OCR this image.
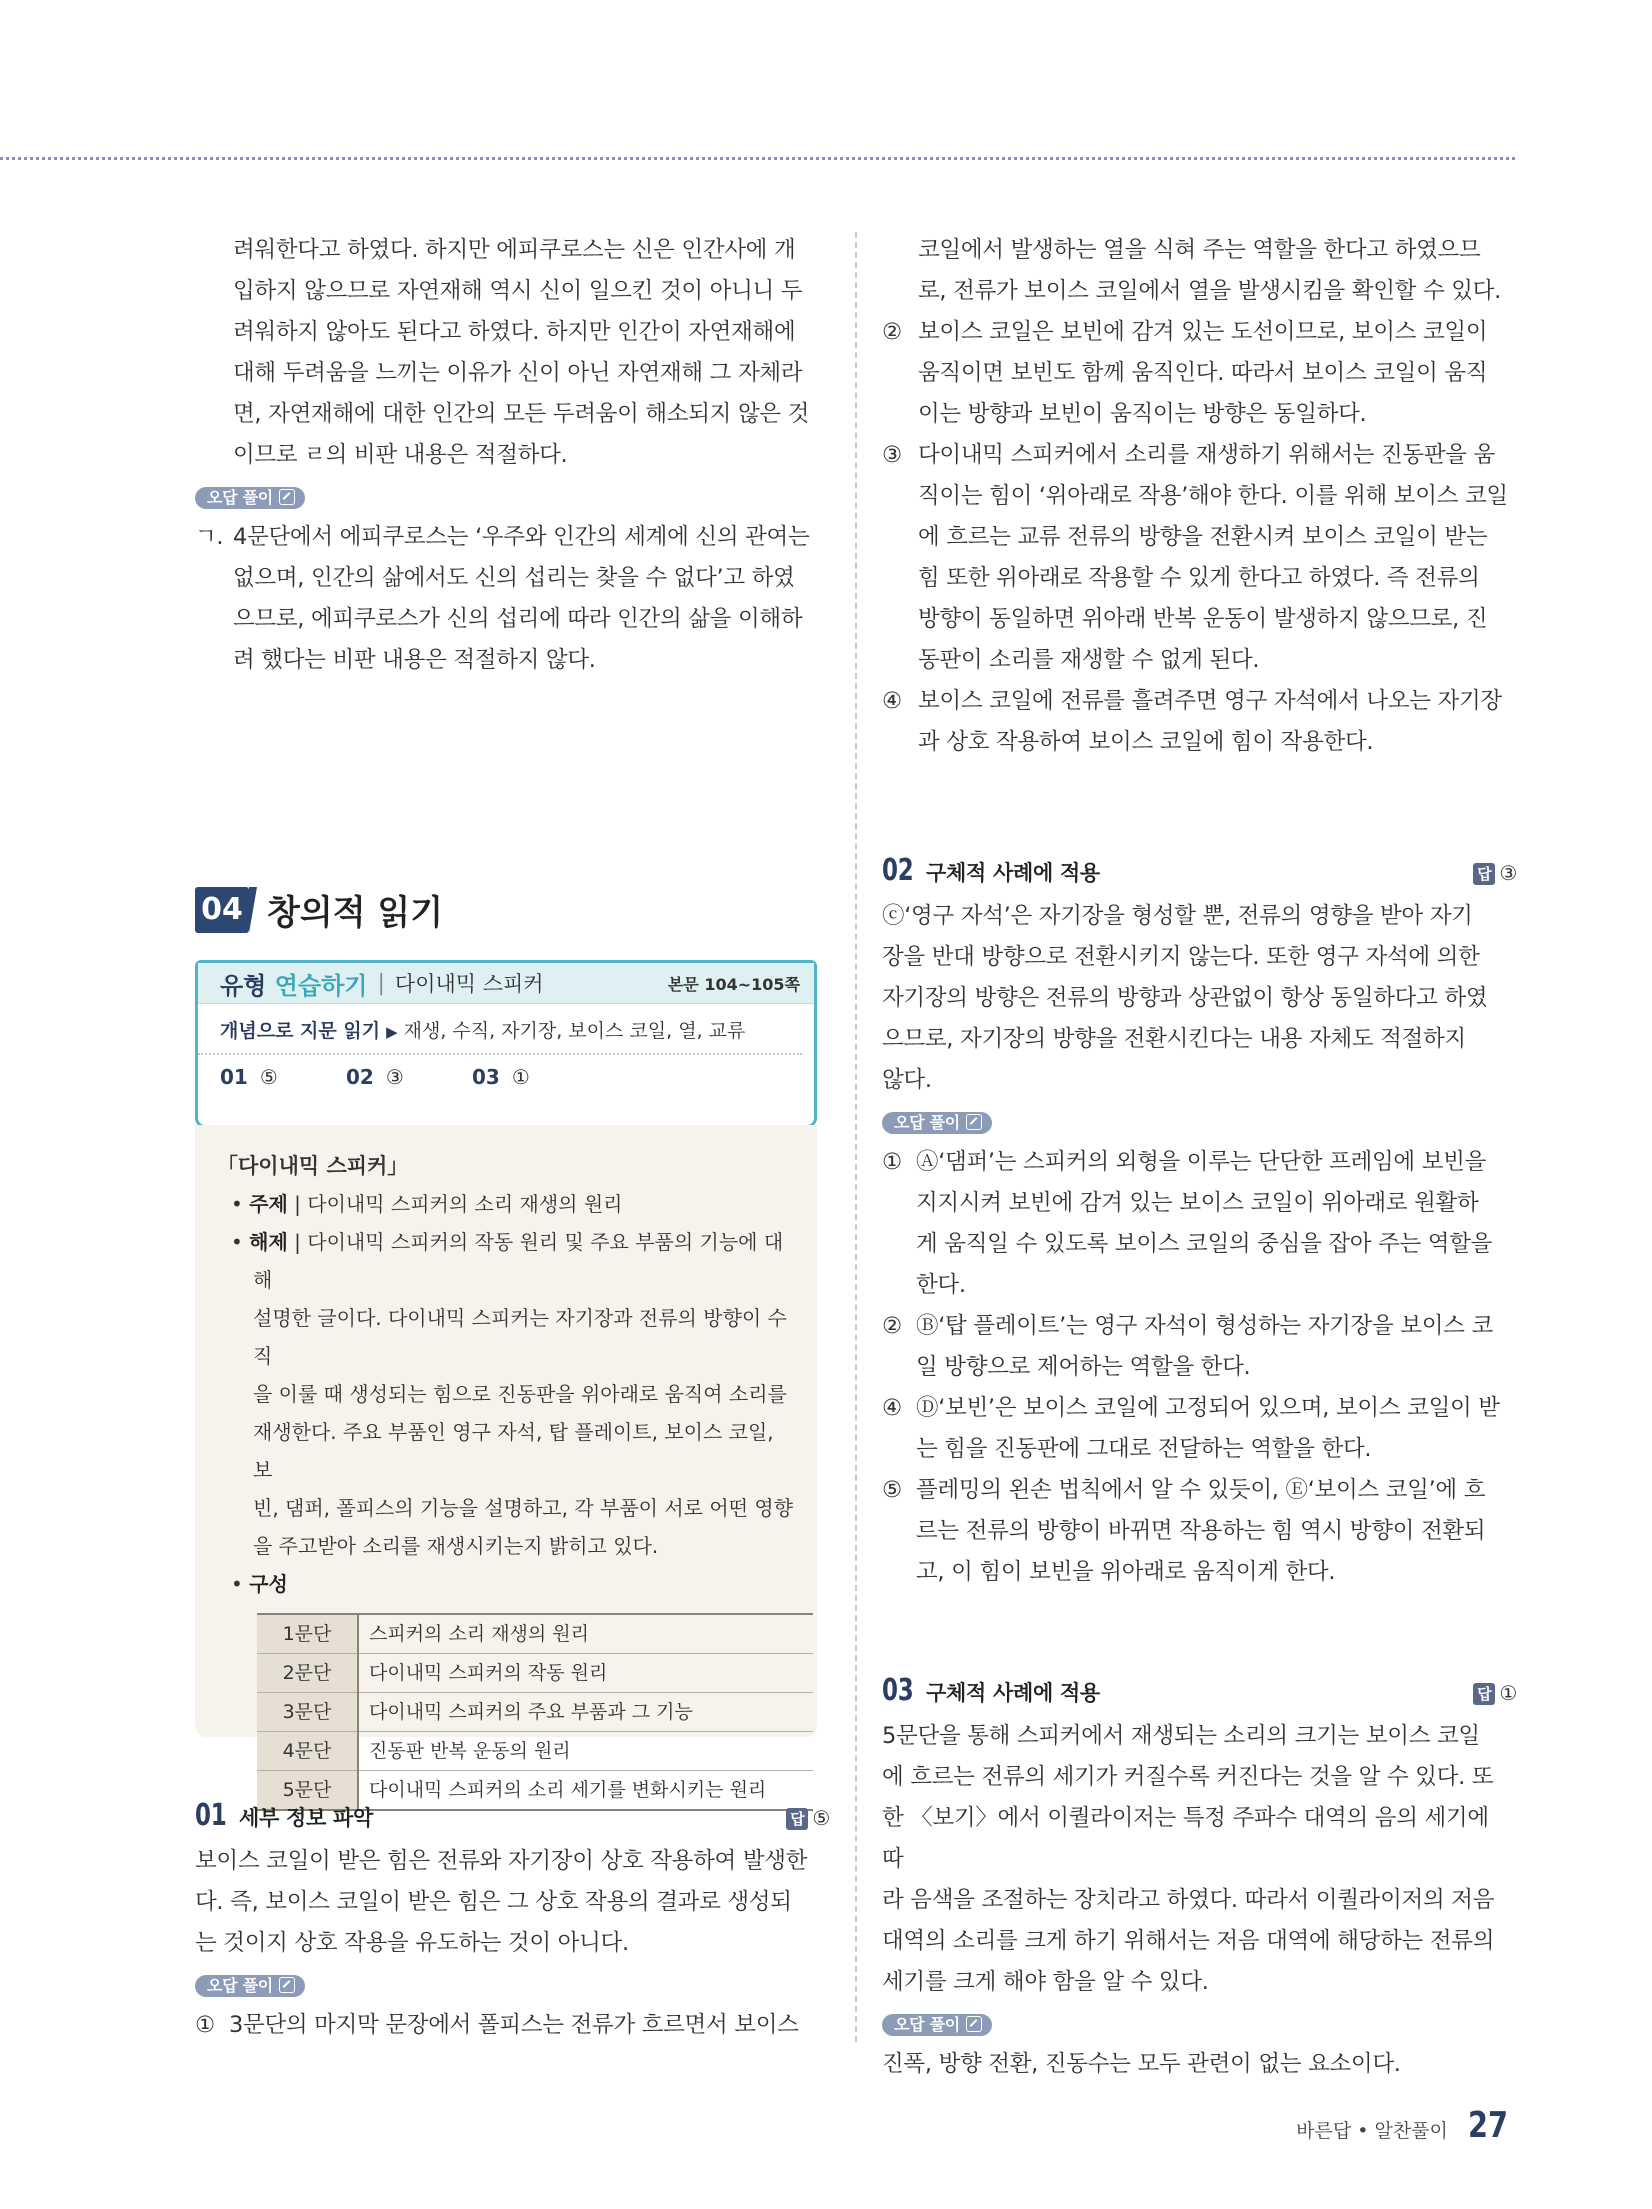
려워한다고 하였다. 하지만 에피쿠로스는 신은 인간사에 개

입하지 않으므로 자연재해 역시 신이 일으킨 것이 아니니 두

려워하지 않아도 된다고 하였다. 하지만 인간이 자연재해에

대해 두려움을 느끼는 이유가 신이 아닌 자연재해 그 자체라

면, 자연재해에 대한 인간의 모든 두려움이 해소되지 않은 것

이므로 ㄹ의 비판 내용은 적절하다.

오답 풀이

ㄱ. 4문단에서 에피쿠로스는 ‘우주와 인간의 세계에 신의 관여는

없으며, 인간의 삶에서도 신의 섭리는 찾을 수 없다’고 하였

으므로, 에피쿠로스가 신의 섭리에 따라 인간의 삶을 이해하

려 했다는 비판 내용은 적절하지 않다.

코일에서 발생하는 열을 식혀 주는 역할을 한다고 하였으므

로, 전류가 보이스 코일에서 열을 발생시킴을 확인할 수 있다.

② 보이스 코일은 보빈에 감겨 있는 도선이므로, 보이스 코일이

움직이면 보빈도 함께 움직인다. 따라서 보이스 코일이 움직

이는 방향과 보빈이 움직이는 방향은 동일하다.

③ 다이내믹 스피커에서 소리를 재생하기 위해서는 진동판을 움

직이는 힘이 ‘위아래로 작용’해야 한다. 이를 위해 보이스 코일

에 흐르는 교류 전류의 방향을 전환시켜 보이스 코일이 받는

힘 또한 위아래로 작용할 수 있게 한다고 하였다. 즉 전류의

방향이 동일하면 위아래 반복 운동이 발생하지 않으므로, 진

동판이 소리를 재생할 수 없게 된다.

④ 보이스 코일에 전류를 흘려주면 영구 자석에서 나오는 자기장

과 상호 작용하여 보이스 코일에 힘이 작용한다.

04 창의적 읽기
유형 연습하기 | 다이내믹 스피커	본문 104~105쪽
개념으로 지문 읽기 ▶ 재생, 수직, 자기장, 보이스 코일, 열, 교류
01 ⑤	02 ③	03 ①

「다이내믹 스피커」

• 주제 | 다이내믹 스피커의 소리 재생의 원리

• 해제 | 다이내믹 스피커의 작동 원리 및 주요 부품의 기능에 대해

설명한 글이다. 다이내믹 스피커는 자기장과 전류의 방향이 수직

을 이룰 때 생성되는 힘으로 진동판을 위아래로 움직여 소리를

재생한다. 주요 부품인 영구 자석, 탑 플레이트, 보이스 코일, 보

빈, 댐퍼, 폴피스의 기능을 설명하고, 각 부품이 서로 어떤 영향

을 주고받아 소리를 재생시키는지 밝히고 있다.

• 구성

1문단	스피커의 소리 재생의 원리
2문단	다이내믹 스피커의 작동 원리
3문단	다이내믹 스피커의 주요 부품과 그 기능
4문단	진동판 반복 운동의 원리
5문단	다이내믹 스피커의 소리 세기를 변화시키는 원리
01 세부 정보 파악	답 ⑤

보이스 코일이 받은 힘은 전류와 자기장이 상호 작용하여 발생한

다. 즉, 보이스 코일이 받은 힘은 그 상호 작용의 결과로 생성되

는 것이지 상호 작용을 유도하는 것이 아니다.

오답 풀이

① 3문단의 마지막 문장에서 폴피스는 전류가 흐르면서 보이스

02 구체적 사례에 적용	답 ③

ⓒ‘영구 자석’은 자기장을 형성할 뿐, 전류의 영향을 받아 자기

장을 반대 방향으로 전환시키지 않는다. 또한 영구 자석에 의한

자기장의 방향은 전류의 방향과 상관없이 항상 동일하다고 하였

으므로, 자기장의 방향을 전환시킨다는 내용 자체도 적절하지

않다.

오답 풀이

① Ⓐ‘댐퍼’는 스피커의 외형을 이루는 단단한 프레임에 보빈을

지지시켜 보빈에 감겨 있는 보이스 코일이 위아래로 원활하

게 움직일 수 있도록 보이스 코일의 중심을 잡아 주는 역할을

한다.

② Ⓑ‘탑 플레이트’는 영구 자석이 형성하는 자기장을 보이스 코

일 방향으로 제어하는 역할을 한다.

④ Ⓓ‘보빈’은 보이스 코일에 고정되어 있으며, 보이스 코일이 받

는 힘을 진동판에 그대로 전달하는 역할을 한다.

⑤ 플레밍의 왼손 법칙에서 알 수 있듯이, Ⓔ‘보이스 코일’에 흐

르는 전류의 방향이 바뀌면 작용하는 힘 역시 방향이 전환되

고, 이 힘이 보빈을 위아래로 움직이게 한다.

03 구체적 사례에 적용	답 ①

5문단을 통해 스피커에서 재생되는 소리의 크기는 보이스 코일

에 흐르는 전류의 세기가 커질수록 커진다는 것을 알 수 있다. 또

한 〈보기〉에서 이퀄라이저는 특정 주파수 대역의 음의 세기에 따

라 음색을 조절하는 장치라고 하였다. 따라서 이퀄라이저의 저음

대역의 소리를 크게 하기 위해서는 저음 대역에 해당하는 전류의

세기를 크게 해야 함을 알 수 있다.

오답 풀이

진폭, 방향 전환, 진동수는 모두 관련이 없는 요소이다.

바른답 • 알찬풀이 27
